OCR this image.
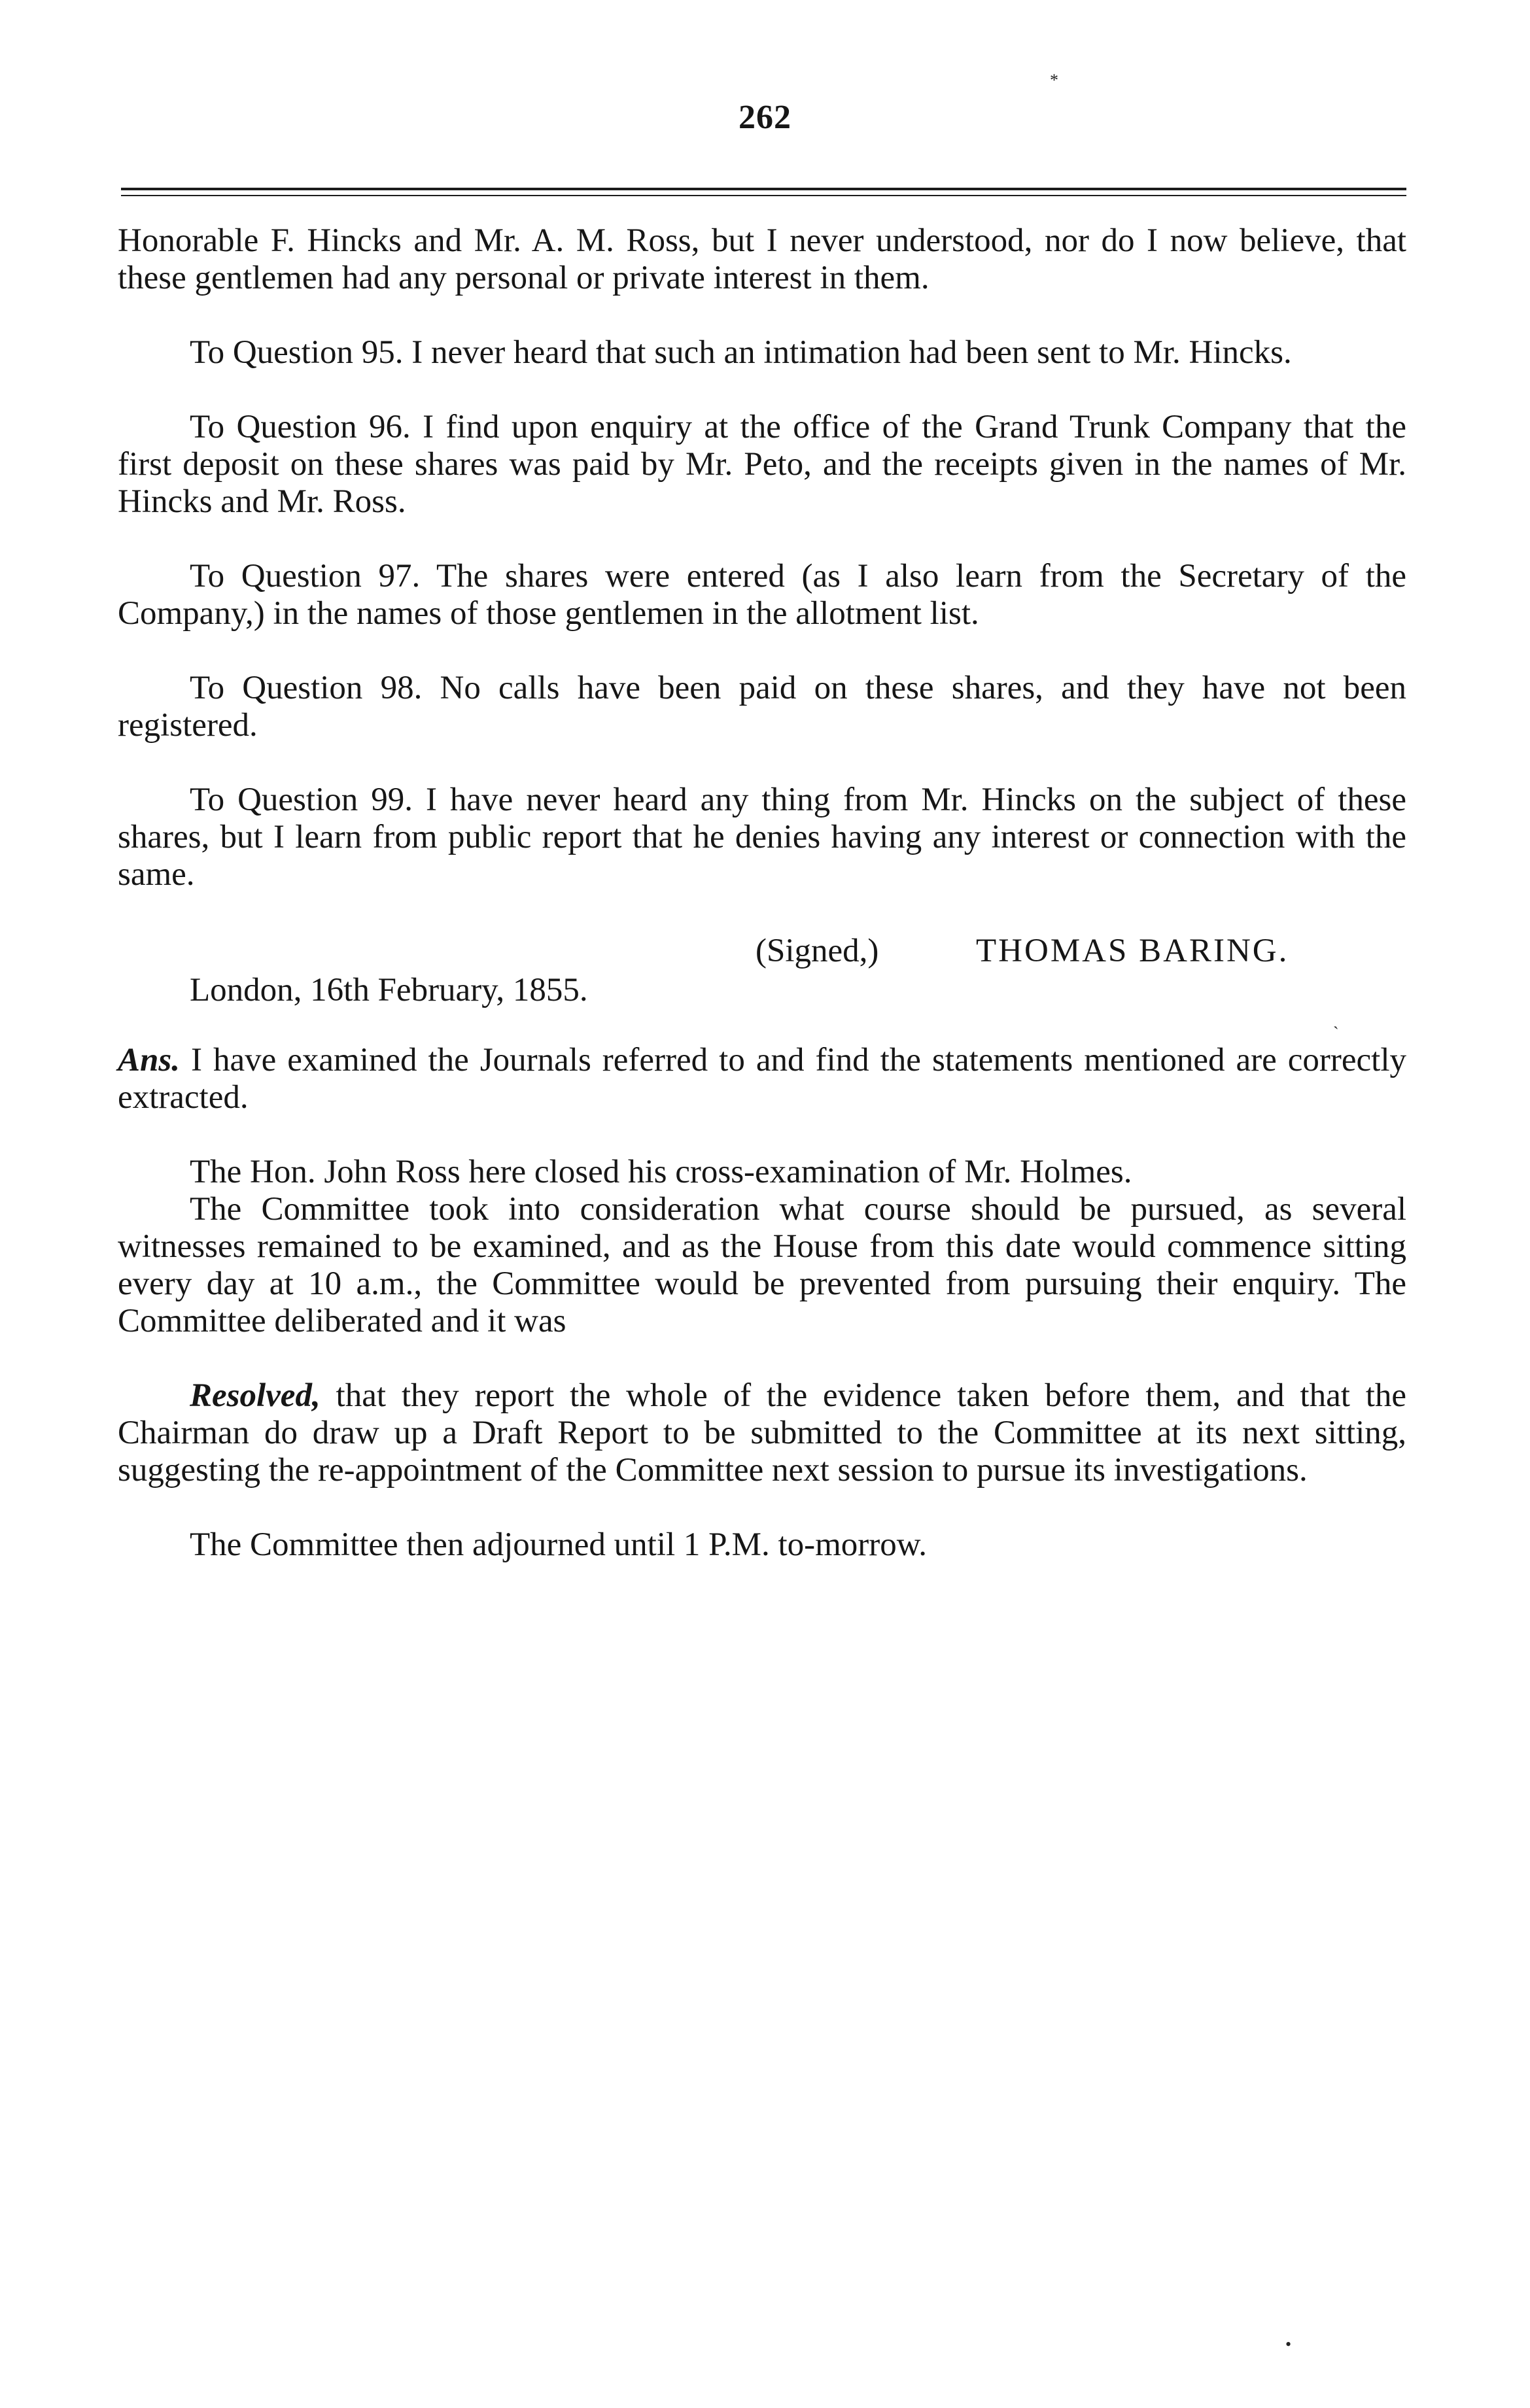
262
*

Honorable F. Hincks and Mr. A. M. Ross, but I never understood, nor do I now believe, that these gentlemen had any personal or private interest in them.

To Question 95. I never heard that such an intimation had been sent to Mr. Hincks.

To Question 96. I find upon enquiry at the office of the Grand Trunk Company that the first deposit on these shares was paid by Mr. Peto, and the receipts given in the names of Mr. Hincks and Mr. Ross.

To Question 97. The shares were entered (as I also learn from the Secretary of the Company,) in the names of those gentlemen in the allotment list.

To Question 98. No calls have been paid on these shares, and they have not been registered.

To Question 99. I have never heard any thing from Mr. Hincks on the subject of these shares, but I learn from public report that he denies having any interest or connection with the same.

(Signed,)	THOMAS BARING.

London, 16th February, 1855.

Ans. I have examined the Journals referred to and find the statements mentioned are correctly extracted.

The Hon. John Ross here closed his cross-examination of Mr. Holmes.

The Committee took into consideration what course should be pursued, as several witnesses remained to be examined, and as the House from this date would commence sitting every day at 10 a.m., the Committee would be prevented from pursuing their enquiry. The Committee deliberated and it was

Resolved, that they report the whole of the evidence taken before them, and that the Chairman do draw up a Draft Report to be submitted to the Committee at its next sitting, suggesting the re-appointment of the Committee next session to pursue its investigations.

The Committee then adjourned until 1 P.M. to-morrow.

`
•
